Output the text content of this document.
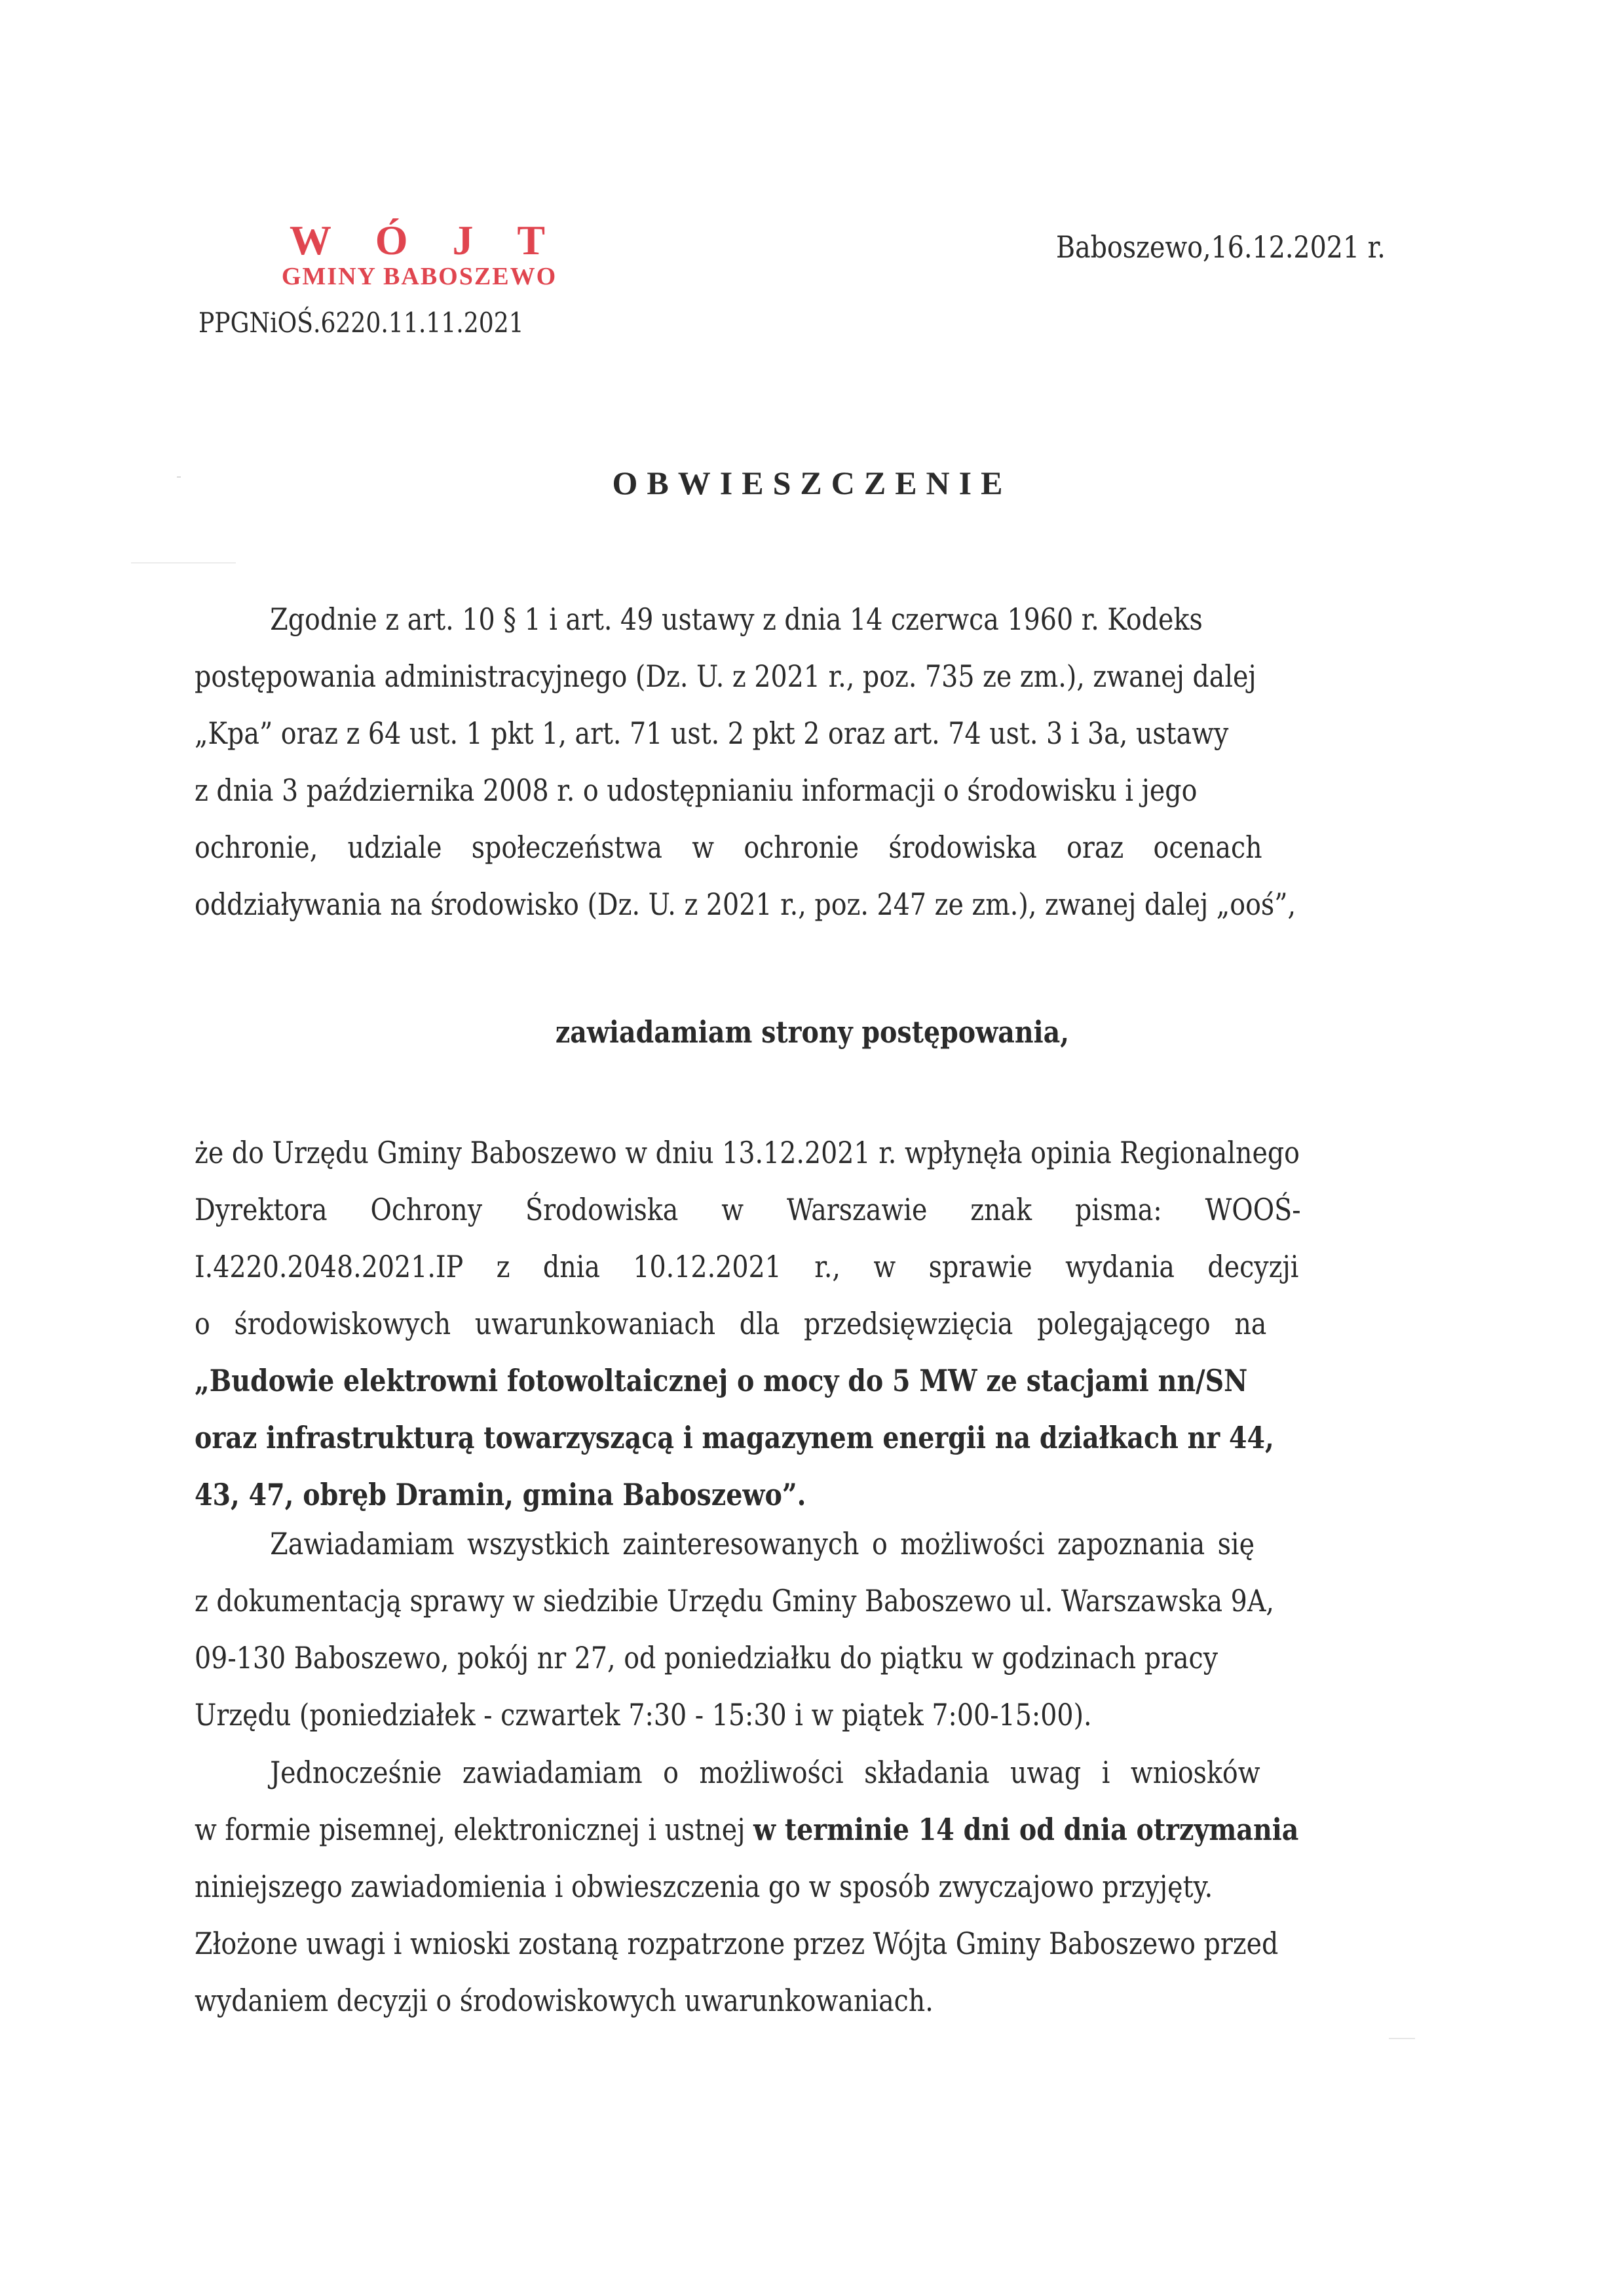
W Ó J T
GMINY BABOSZEWO
PPGNiOŚ.6220.11.11.2021
Baboszewo,16.12.2021 r.
OBWIESZCZENIE
Zgodnie z art. 10 § 1 i art. 49 ustawy z dnia 14 czerwca 1960 r. Kodeks
postępowania administracyjnego (Dz. U. z 2021 r., poz. 735 ze zm.), zwanej dalej
„Kpa” oraz z 64 ust. 1 pkt 1, art. 71 ust. 2 pkt 2 oraz art. 74 ust. 3 i 3a, ustawy
z dnia 3 października 2008 r. o udostępnianiu informacji o środowisku i jego
ochronie, udziale społeczeństwa w ochronie środowiska oraz ocenach
oddziaływania na środowisko (Dz. U. z 2021 r., poz. 247 ze zm.), zwanej dalej „ooś”,
zawiadamiam strony postępowania,
że do Urzędu Gminy Baboszewo w dniu 13.12.2021 r. wpłynęła opinia Regionalnego
Dyrektora Ochrony Środowiska w Warszawie znak pisma: WOOŚ-
I.4220.2048.2021.IP z dnia 10.12.2021 r., w sprawie wydania decyzji
o środowiskowych uwarunkowaniach dla przedsięwzięcia polegającego na
„Budowie elektrowni fotowoltaicznej o mocy do 5 MW ze stacjami nn/SN
oraz infrastrukturą towarzyszącą i magazynem energii na działkach nr 44,
43, 47, obręb Dramin, gmina Baboszewo”.
Zawiadamiam wszystkich zainteresowanych o możliwości zapoznania się
z dokumentacją sprawy w siedzibie Urzędu Gminy Baboszewo ul. Warszawska 9A,
09-130 Baboszewo, pokój nr 27, od poniedziałku do piątku w godzinach pracy
Urzędu (poniedziałek - czwartek 7:30 - 15:30 i w piątek 7:00-15:00).
Jednocześnie zawiadamiam o możliwości składania uwag i wniosków
w formie pisemnej, elektronicznej i ustnej w terminie 14 dni od dnia otrzymania
niniejszego zawiadomienia i obwieszczenia go w sposób zwyczajowo przyjęty.
Złożone uwagi i wnioski zostaną rozpatrzone przez Wójta Gminy Baboszewo przed
wydaniem decyzji o środowiskowych uwarunkowaniach.
